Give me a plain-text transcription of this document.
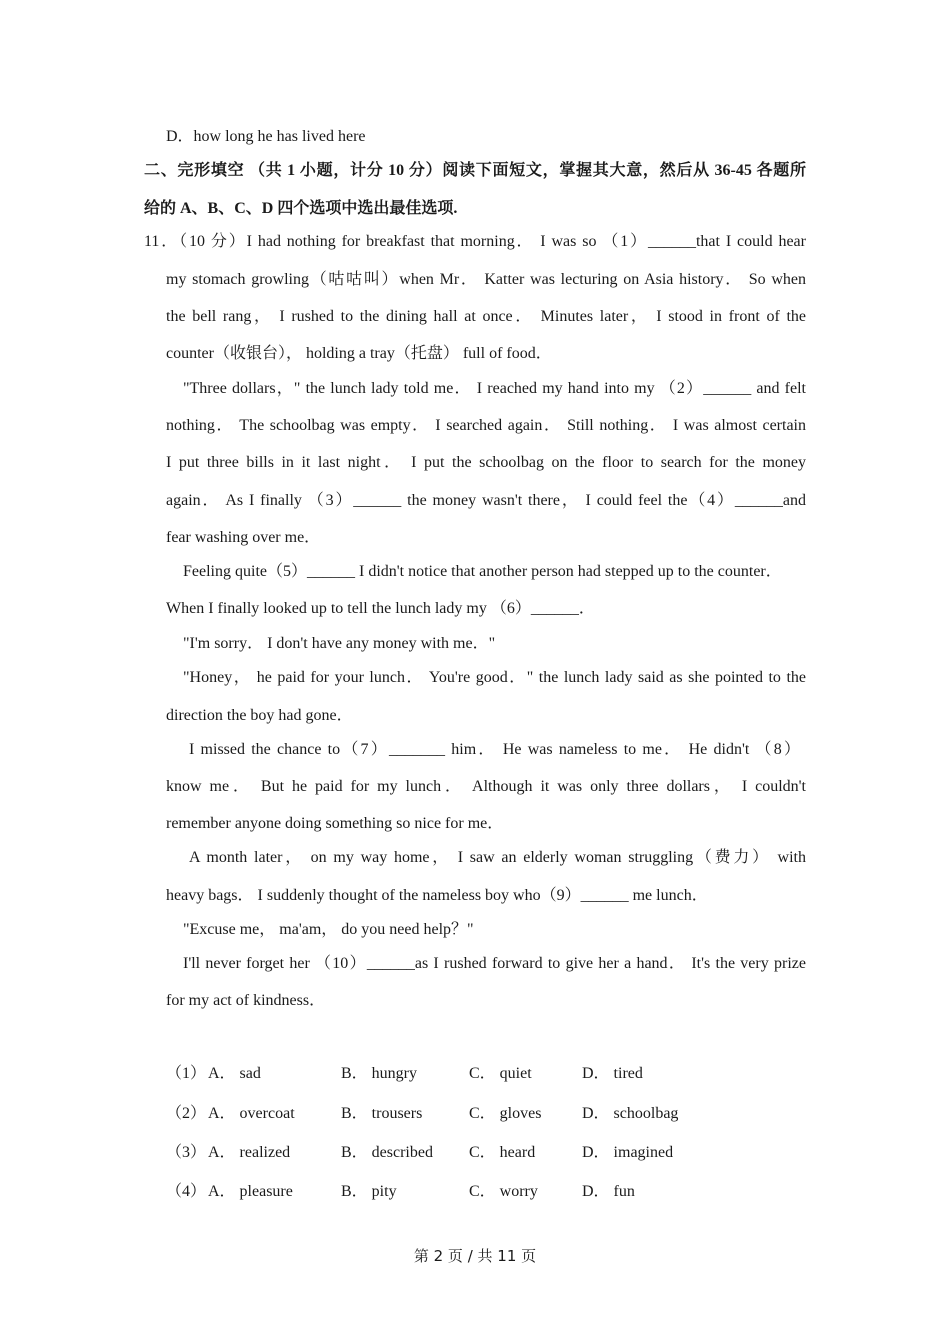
D．how long he has lived here
二、完形填空 （共 1 小题，计分 10 分）阅读下面短文，掌握其大意，然后从 36-45 各题所
给的 A、B、C、D 四个选项中选出最佳选项.
11．（10 分）I had nothing for breakfast that morning． I was so （1）______that I could hear
my stomach growling（咕咕叫）when Mr． Katter was lecturing on Asia history． So when
the bell rang， I rushed to the dining hall at once． Minutes later， I stood in front of the
counter（收银台）， holding a tray（托盘） full of food．
"Three dollars，" the lunch lady told me． I reached my hand into my （2）______ and felt
nothing． The schoolbag was empty． I searched again． Still nothing． I was almost certain
I put three bills in it last night． I put the schoolbag on the floor to search for the money
again． As I finally （3）______ the money wasn't there， I could feel the（4）______and
fear washing over me．
Feeling quite（5）______ I didn't notice that another person had stepped up to the counter．
When I finally looked up to tell the lunch lady my （6）______．
"I'm sorry． I don't have any money with me．"
"Honey， he paid for your lunch． You're good．" the lunch lady said as she pointed to the
direction the boy had gone．
I missed the chance to（7）_______ him． He was nameless to me． He didn't （8）
know me． But he paid for my lunch． Although it was only three dollars， I couldn't
remember anyone doing something so nice for me．
A month later， on my way home， I saw an elderly woman struggling（费力） with
heavy bags． I suddenly thought of the nameless boy who（9）______ me lunch．
"Excuse me， ma'am， do you need help？"
I'll never forget her （10）______as I rushed forward to give her a hand． It's the very prize
for my act of kindness．
（1） A． sad	B． hungry	C． quiet	D． tired
（2） A． overcoat	B． trousers	C． gloves	D． schoolbag
（3） A． realized	B． described C． heard	D． imagined
（4） A． pleasure	B． pity	C． worry	D． fun
第 2 页 / 共 11 页
